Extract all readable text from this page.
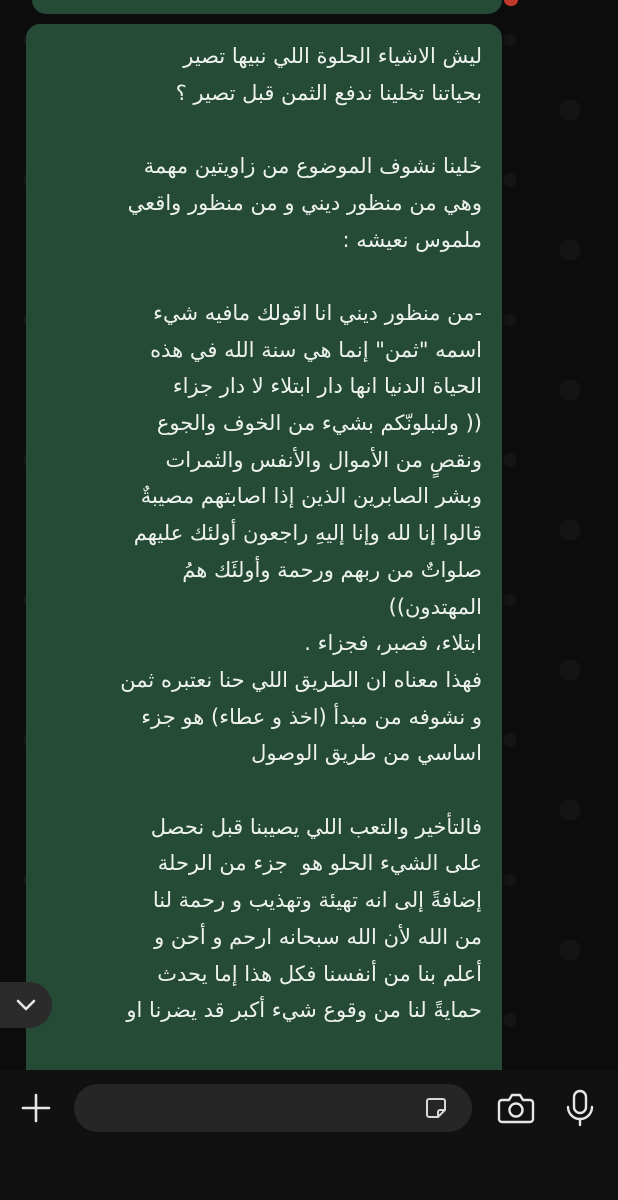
ليش الاشياء الحلوة اللي نبيها تصير
بحياتنا تخلينا ندفع الثمن قبل تصير ؟

خلينا نشوف الموضوع من زاويتين مهمة
وهي من منظور ديني و من منظور واقعي
ملموس نعيشه :

-من منظور ديني انا اقولك مافيه شيء
اسمه "ثمن" إنما هي سنة الله في هذه
الحياة الدنيا انها دار ابتلاء لا دار جزاء
(( ولنبلونّكم بشيء من الخوف والجوع
ونقصٍ من الأموال والأنفس والثمرات
وبشر الصابرين الذين إذا اصابتهم مصيبةٌ
قالوا إنا لله وإنا إليهِ راجعون أولئك عليهم
صلواتٌ من ربهم ورحمة وأولئَك همُ
المهتدون))
ابتلاء، فصبر، فجزاء .
فهذا معناه ان الطريق اللي حنا نعتبره ثمن
و نشوفه من مبدأ (اخذ و عطاء) هو جزء
اساسي من طريق الوصول

فالتأخير والتعب اللي يصيبنا قبل نحصل
على الشيء الحلو هو  جزء من الرحلة
إضافةً إلى انه تهيئة وتهذيب و رحمة لنا
من الله لأن الله سبحانه ارحم و أحن و
أعلم بنا من أنفسنا فكل هذا إما يحدث
حمايةً لنا من وقوع شيء أكبر قد يضرنا او
